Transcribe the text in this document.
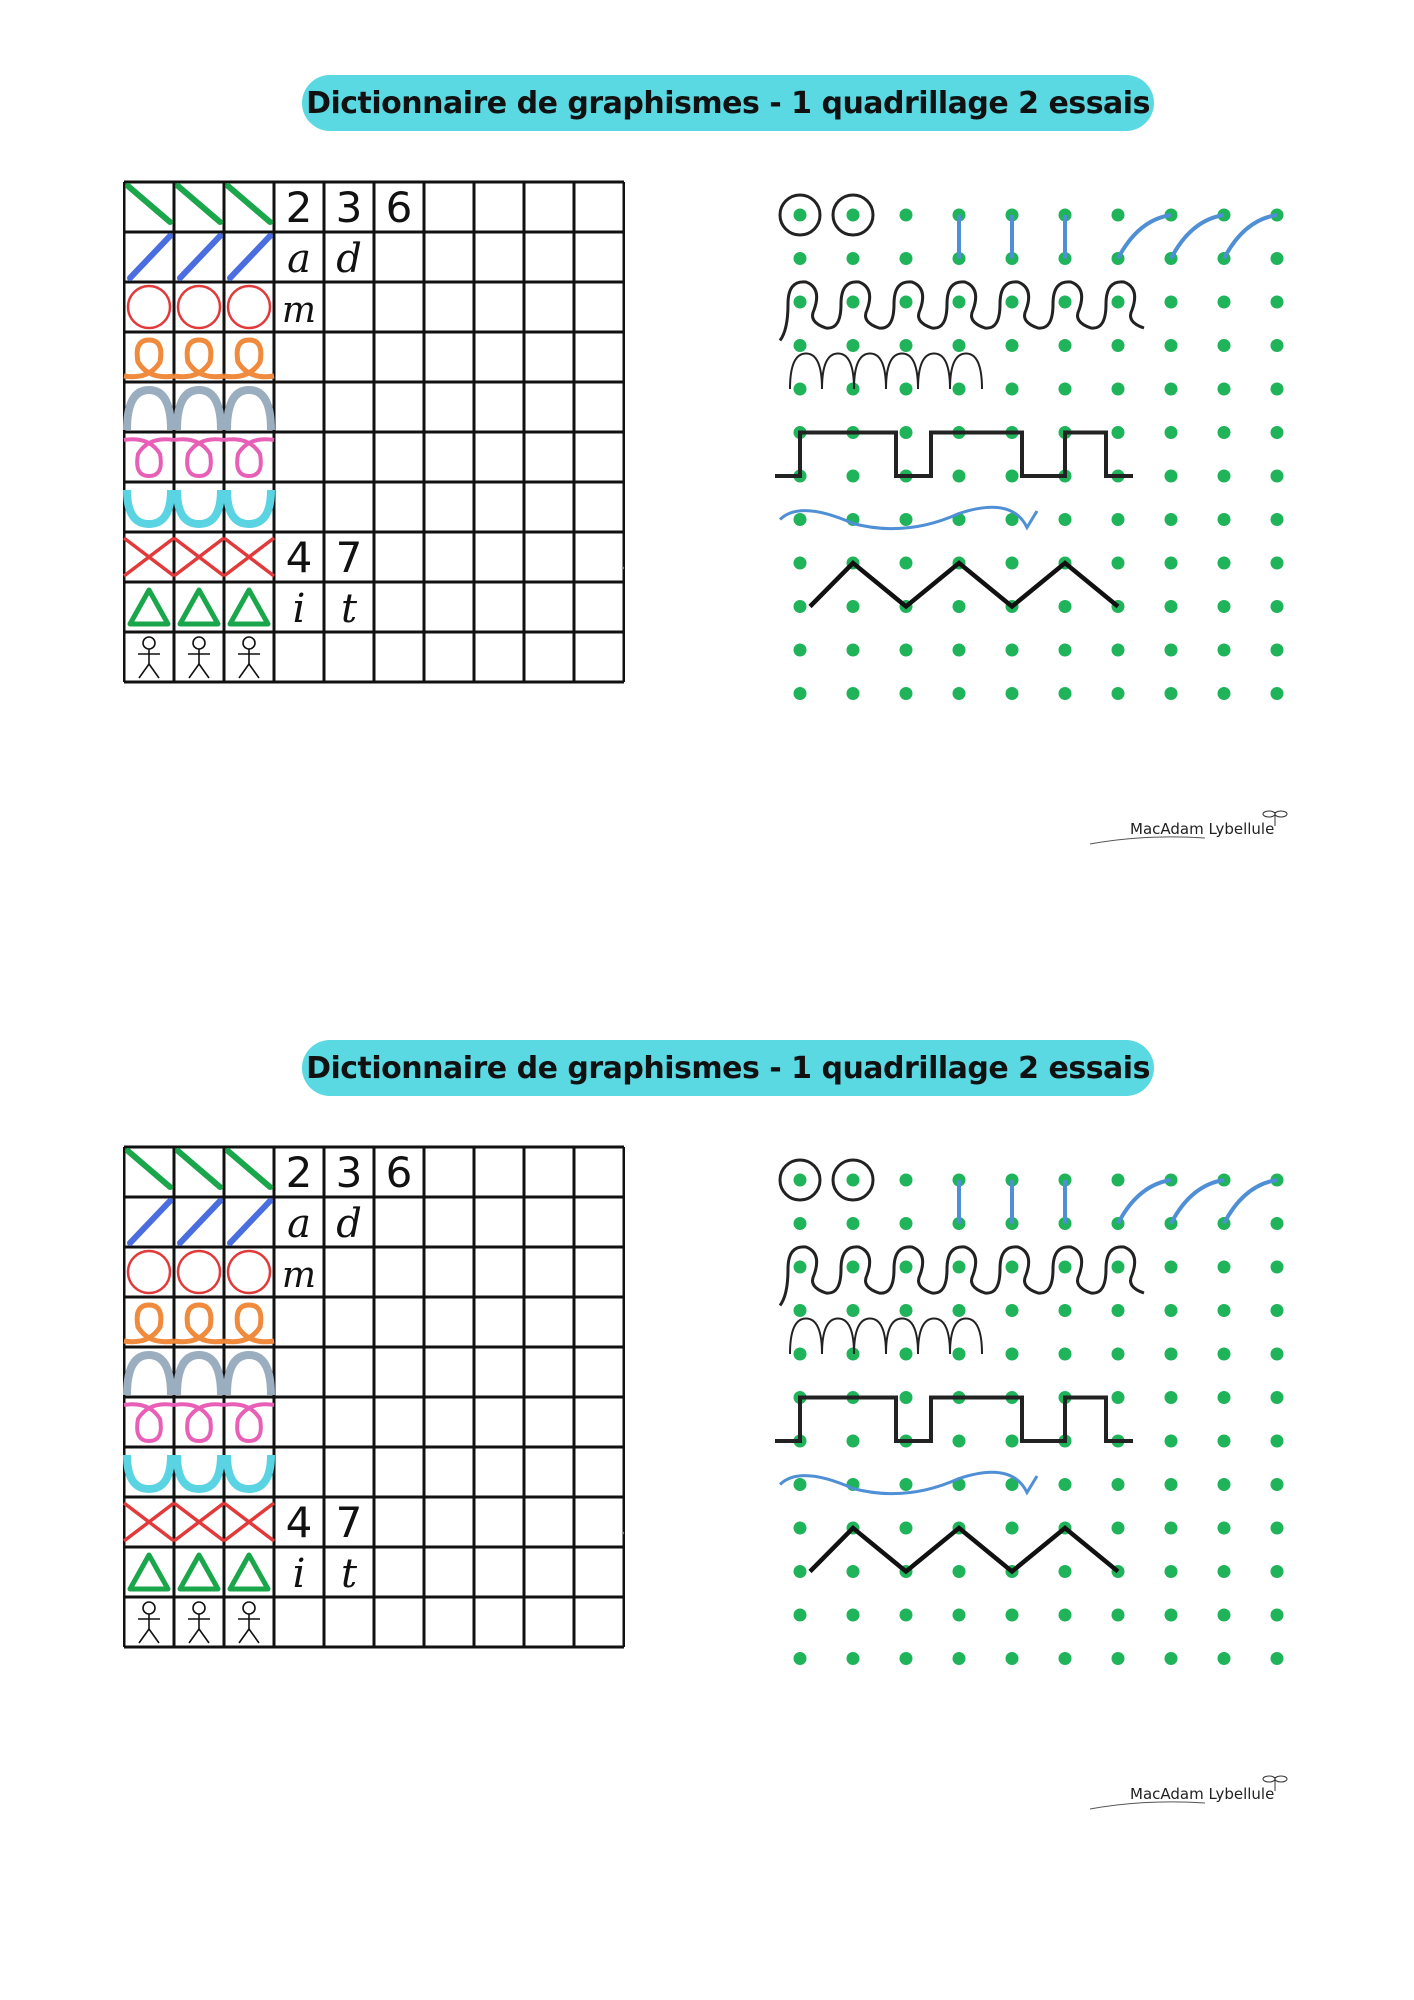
Dictionnaire de graphismes - 1 quadrillage 2 essais
2 3 6
a d
m
4 7
i t
MacAdam Lybellule
Dictionnaire de graphismes - 1 quadrillage 2 essais
2 3 6
a d
m
4 7
i t
MacAdam Lybellule
